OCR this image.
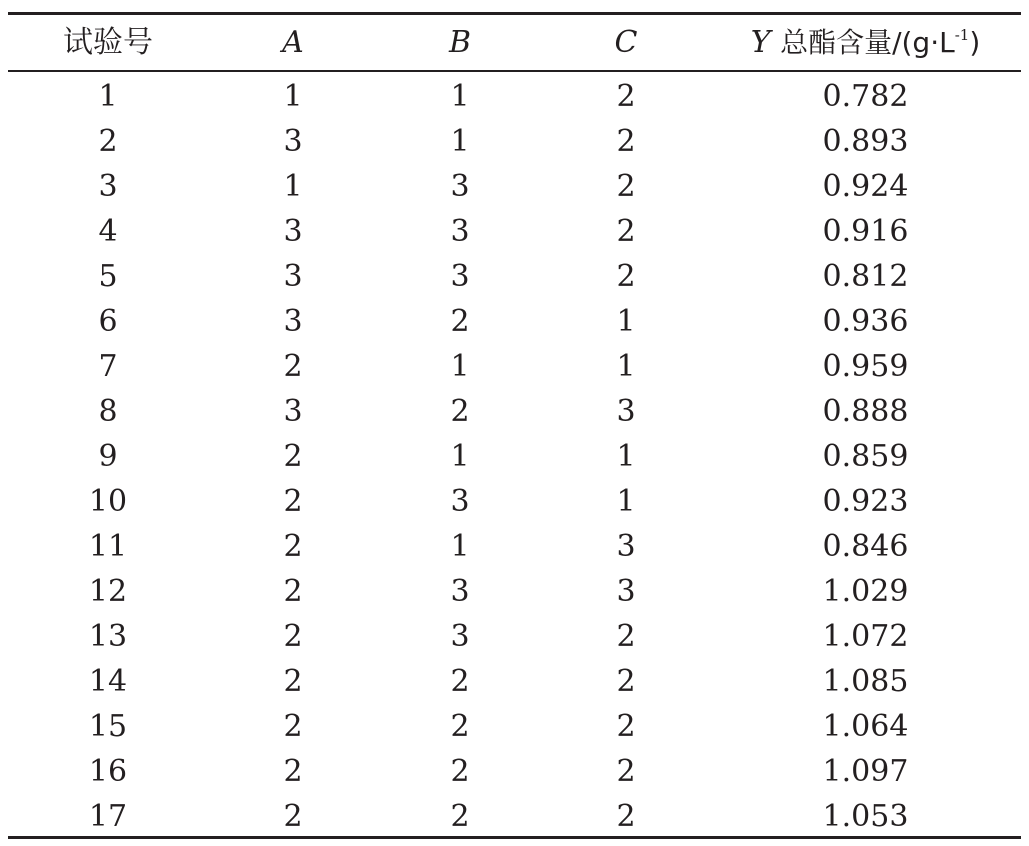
试验号	A	B	C	Y 总酯含量$/(g\cdot L^{-1})$
1	1	1	2	0.782
2	3	1	2	0.893
3	1	3	2	0.924
4	3	3	2	0.916
5	3	3	2	0.812
6	3	2	1	0.936
7	2	1	1	0.959
8	3	2	3	0.888
9	2	1	1	0.859
10	2	3	1	0.923
11	2	1	3	0.846
12	2	3	3	1.029
13	2	3	2	1.072
14	2	2	2	1.085
15	2	2	2	1.064
16	2	2	2	1.097
17	2	2	2	1.053
